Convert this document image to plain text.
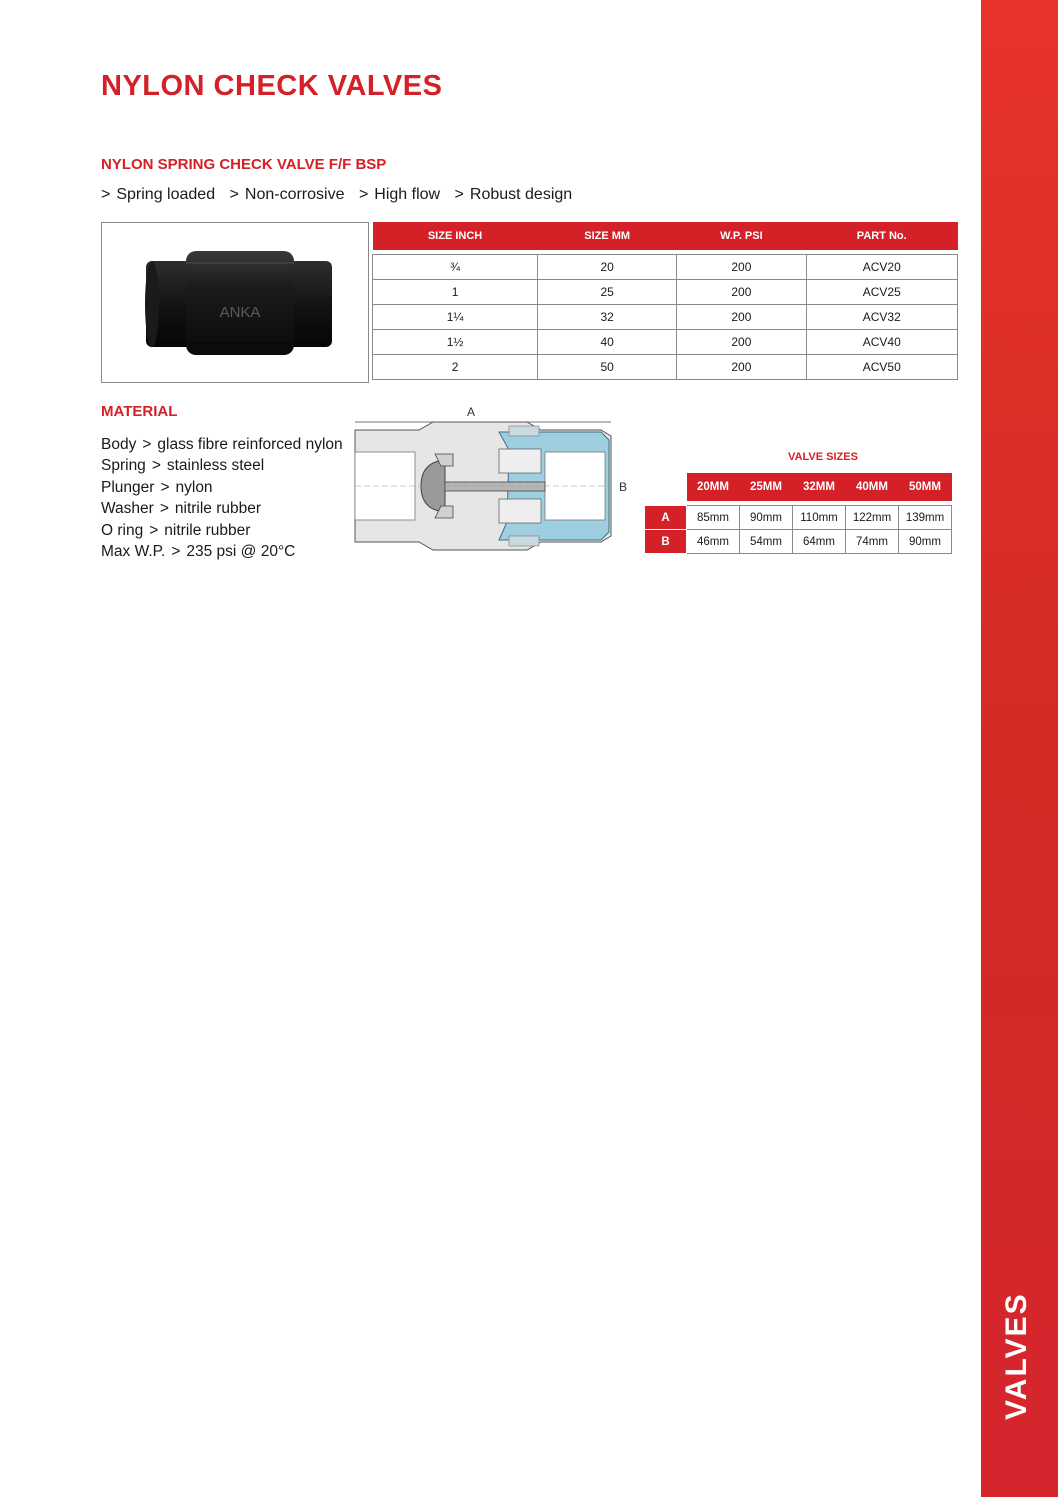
VALVES
NYLON CHECK VALVES
NYLON SPRING CHECK VALVE F/F BSP
> Spring loaded > Non-corrosive > High flow > Robust design
ANKA
SIZE INCH	SIZE MM	W.P. PSI	PART No.

¾	20	200	ACV20
1	25	200	ACV25
1¼	32	200	ACV32
1½	40	200	ACV40
2	50	200	ACV50
MATERIAL
Body > glass fibre reinforced nylon
Spring > stainless steel
Plunger > nylon
Washer > nitrile rubber
O ring > nitrile rubber
Max W.P. > 235 psi @ 20°C
A
B
VALVE SIZES
	20MM	25MM	32MM	40MM	50MM

A	85mm	90mm	110mm	122mm	139mm
B	46mm	54mm	64mm	74mm	90mm
